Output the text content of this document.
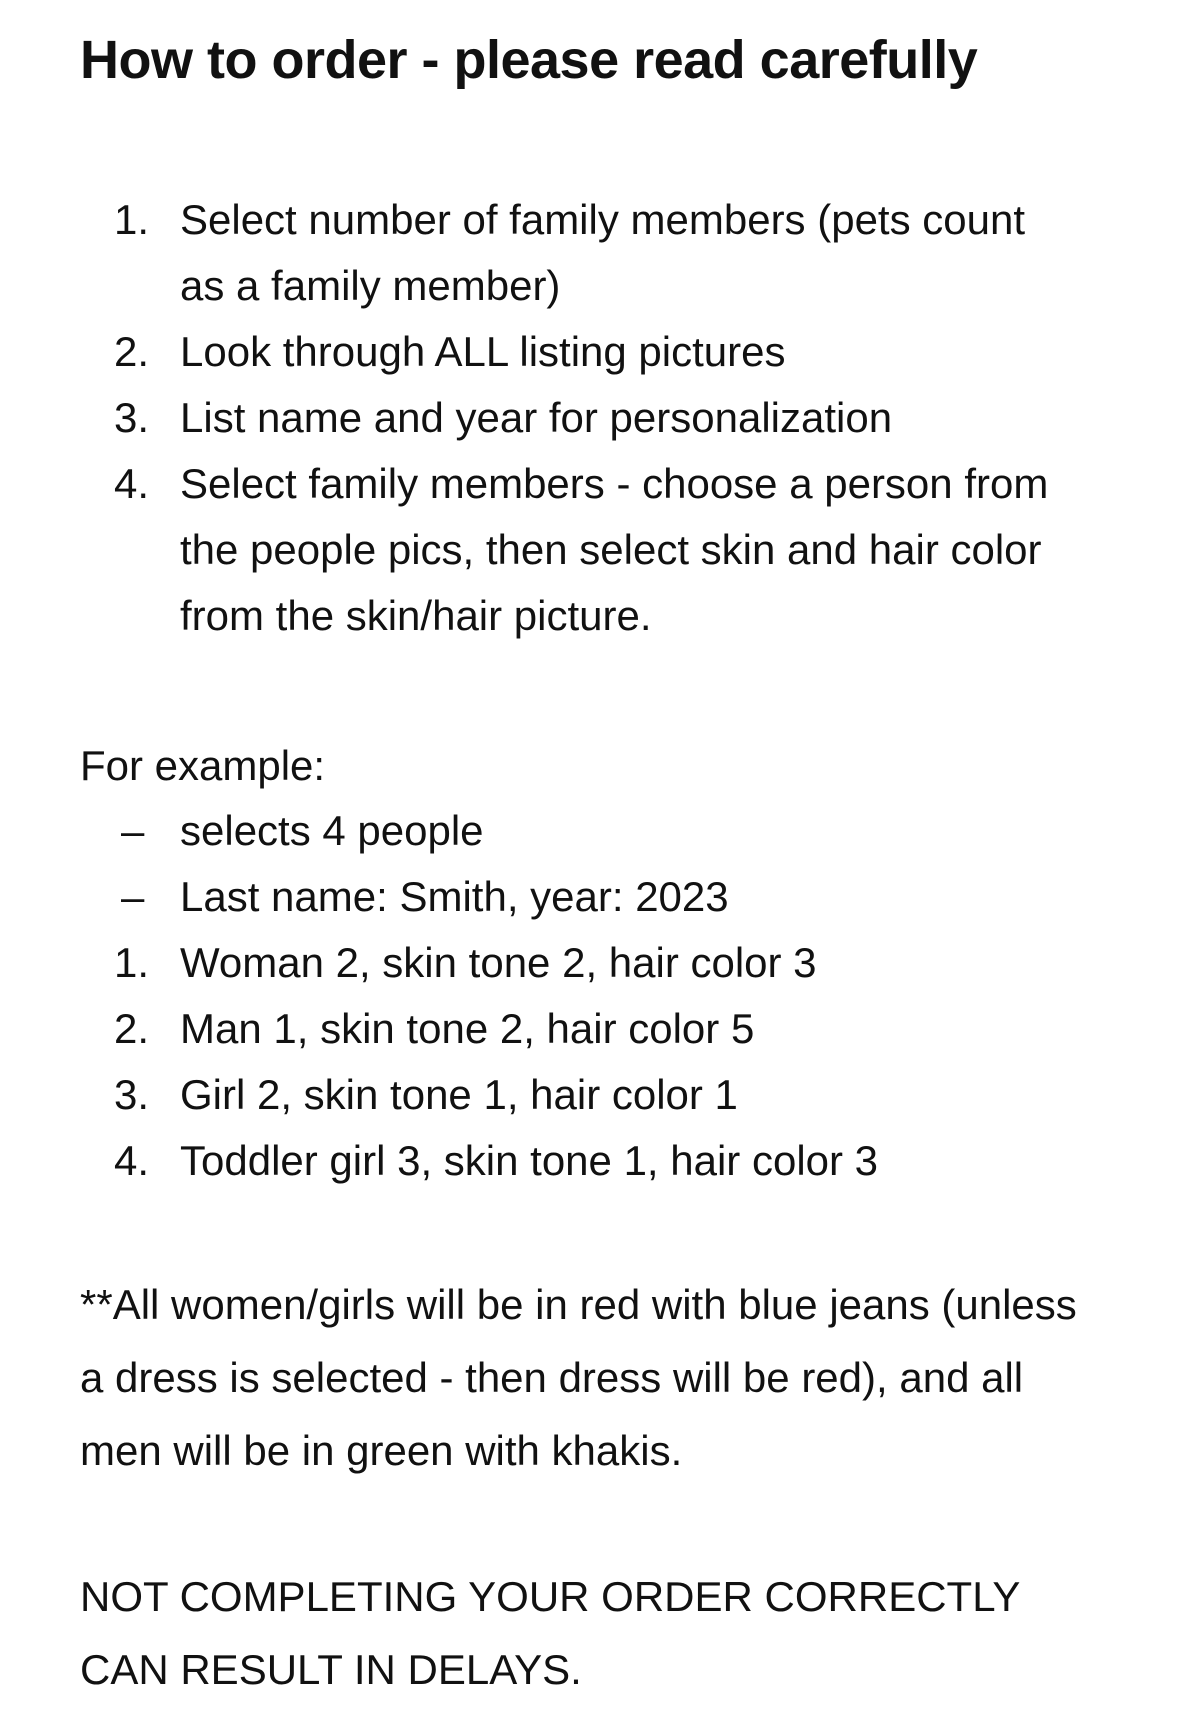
How to order - please read carefully
1. Select number of family members (pets count as a family member)
2. Look through ALL listing pictures
3. List name and year for personalization
4. Select family members - choose a person from the people pics, then select skin and hair color from the skin/hair picture.
For example:
– selects 4 people
– Last name: Smith, year: 2023
1. Woman 2, skin tone 2, hair color 3
2. Man 1, skin tone 2, hair color 5
3. Girl 2, skin tone 1, hair color 1
4. Toddler girl 3, skin tone 1, hair color 3

**All women/girls will be in red with blue jeans (unless a dress is selected - then dress will be red), and all men will be in green with khakis.

NOT COMPLETING YOUR ORDER CORRECTLY CAN RESULT IN DELAYS.
